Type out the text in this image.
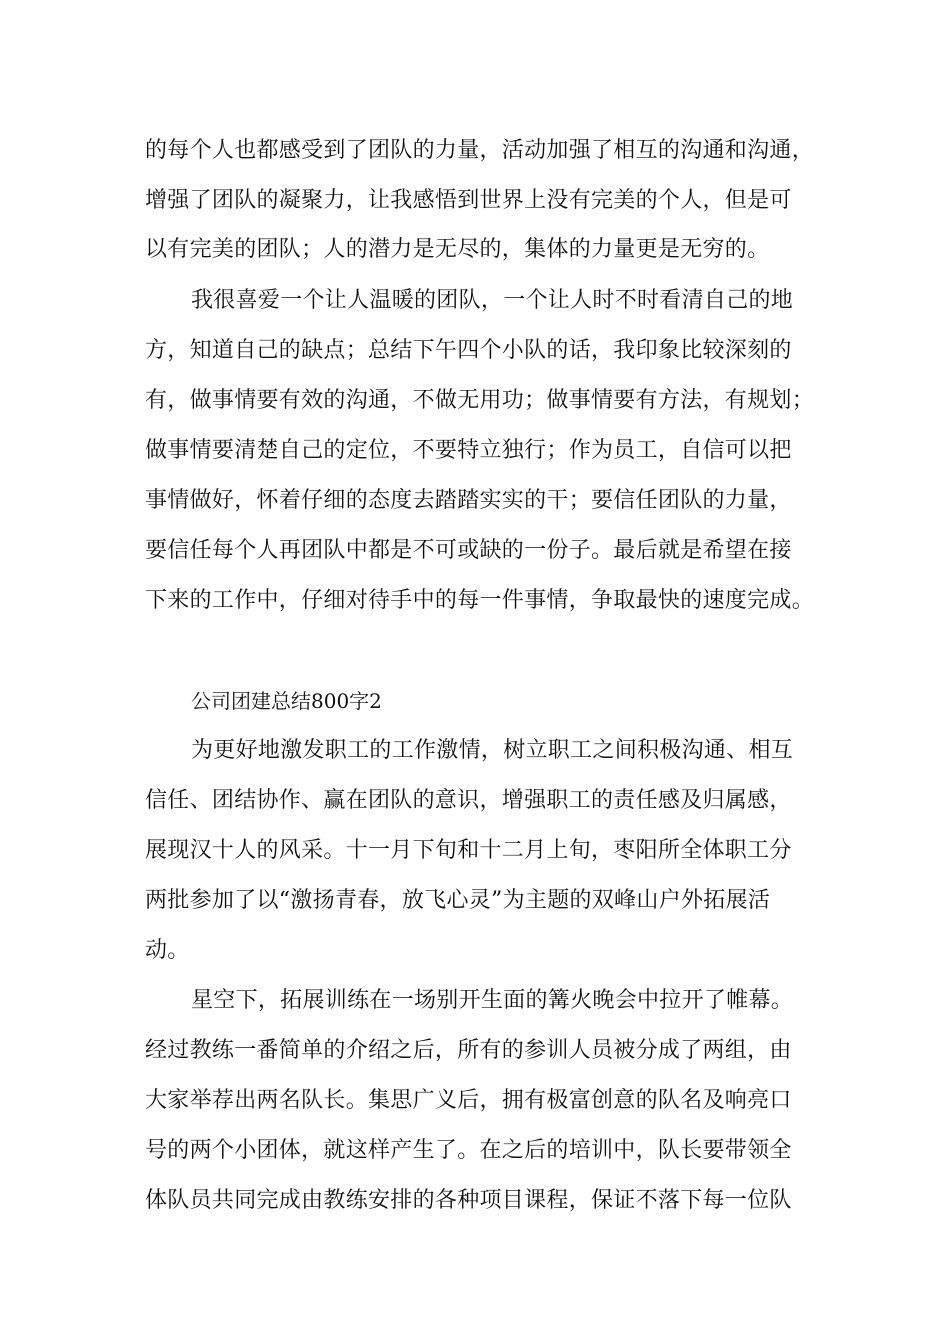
的每个人也都感受到了团队的力量，活动加强了相互的沟通和沟通，
增强了团队的凝聚力，让我感悟到世界上没有完美的个人，但是可
以有完美的团队；人的潜力是无尽的，集体的力量更是无穷的。
我很喜爱一个让人温暖的团队，一个让人时不时看清自己的地
方，知道自己的缺点；总结下午四个小队的话，我印象比较深刻的
有，做事情要有效的沟通，不做无用功；做事情要有方法，有规划；
做事情要清楚自己的定位，不要特立独行；作为员工，自信可以把
事情做好，怀着仔细的态度去踏踏实实的干；要信任团队的力量，
要信任每个人再团队中都是不可或缺的一份子。最后就是希望在接
下来的工作中，仔细对待手中的每一件事情，争取最快的速度完成。
公司团建总结800字2
为更好地激发职工的工作激情，树立职工之间积极沟通、相互
信任、团结协作、赢在团队的意识，增强职工的责任感及归属感，
展现汉十人的风采。十一月下旬和十二月上旬，枣阳所全体职工分
两批参加了以“激扬青春，放飞心灵”为主题的双峰山户外拓展活
动。
星空下，拓展训练在一场别开生面的篝火晚会中拉开了帷幕。
经过教练一番简单的介绍之后，所有的参训人员被分成了两组，由
大家举荐出两名队长。集思广义后，拥有极富创意的队名及响亮口
号的两个小团体，就这样产生了。在之后的培训中，队长要带领全
体队员共同完成由教练安排的各种项目课程，保证不落下每一位队
